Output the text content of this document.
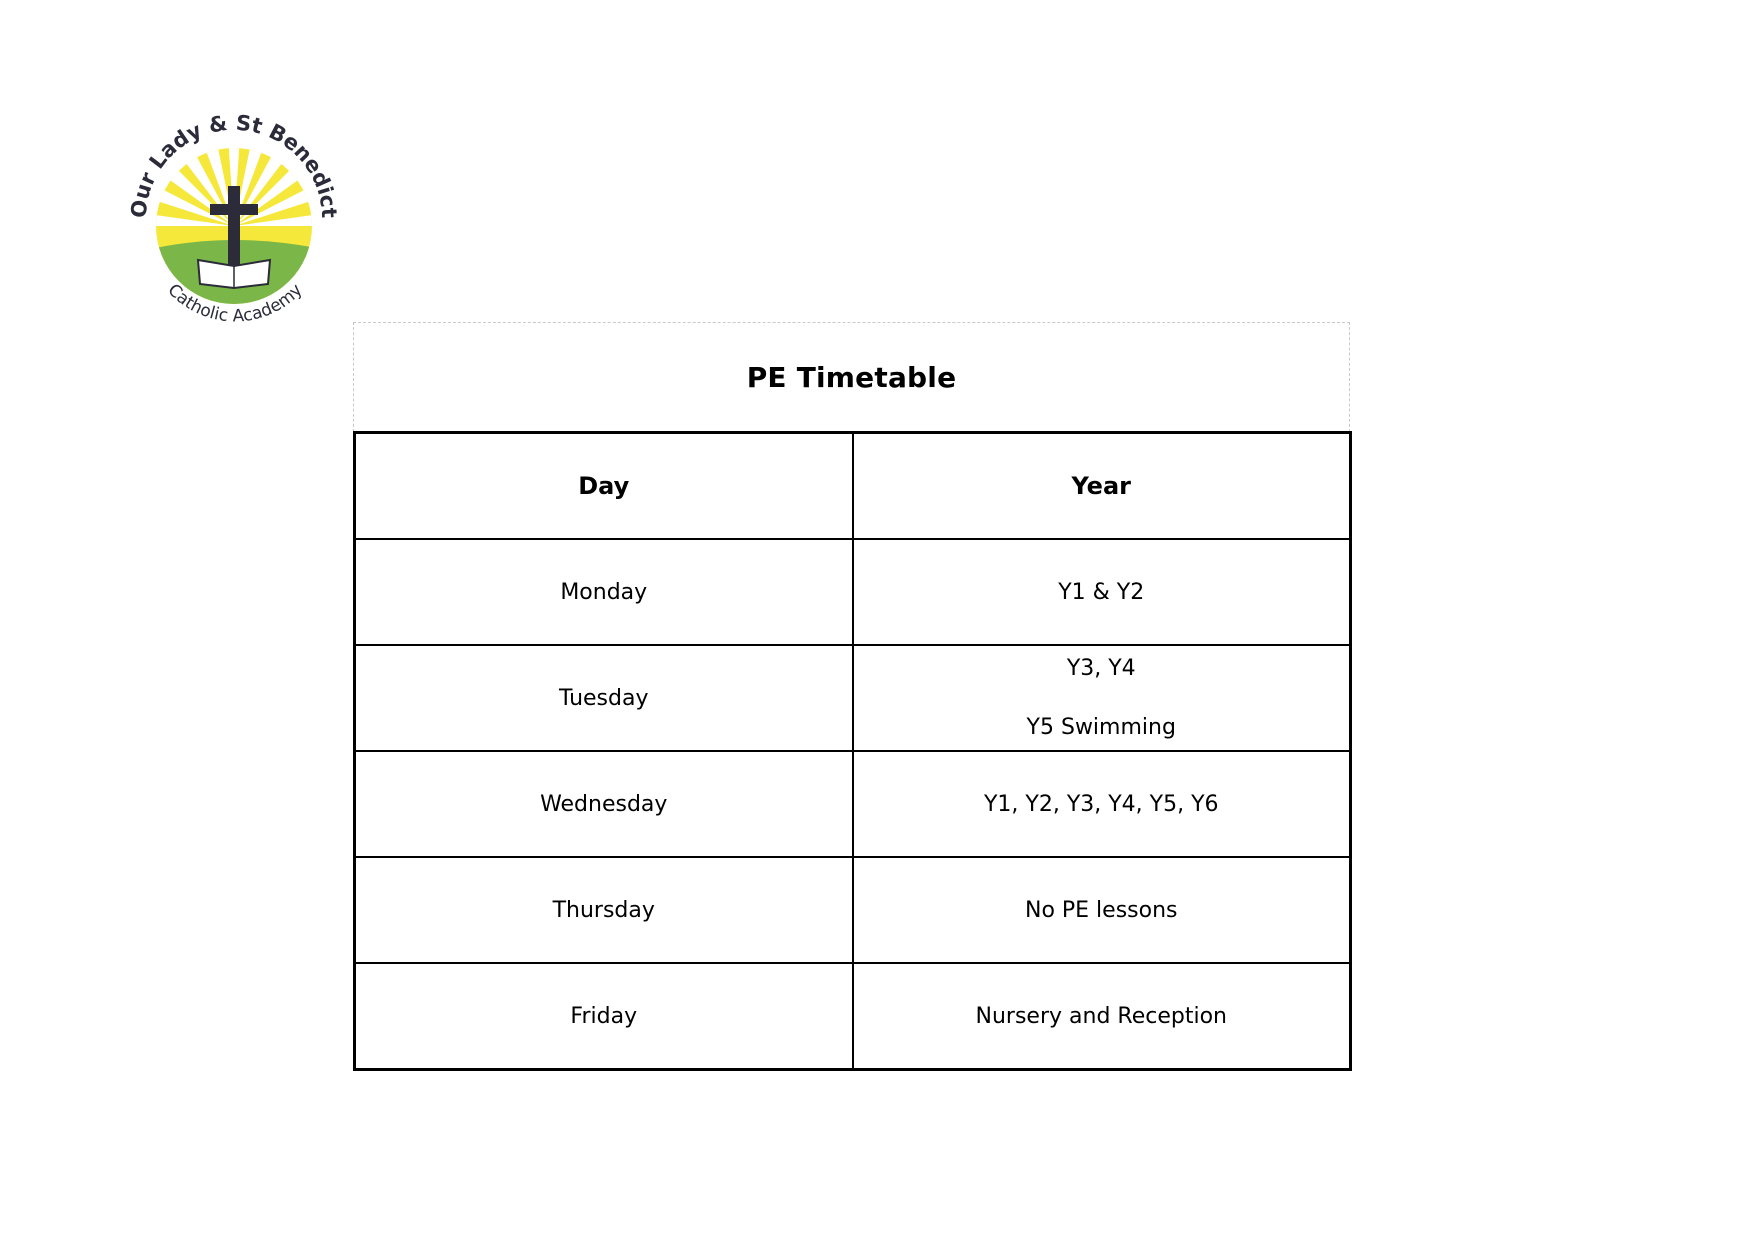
Our Lady & St Benedict
Catholic Academy
PE Timetable
Day	Year
Monday	Y1 & Y2

Tuesday	Y3, Y4
Y5 Swimming

Wednesday	Y1, Y2, Y3, Y4, Y5, Y6

Thursday	No PE lessons

Friday	Nursery and Reception
